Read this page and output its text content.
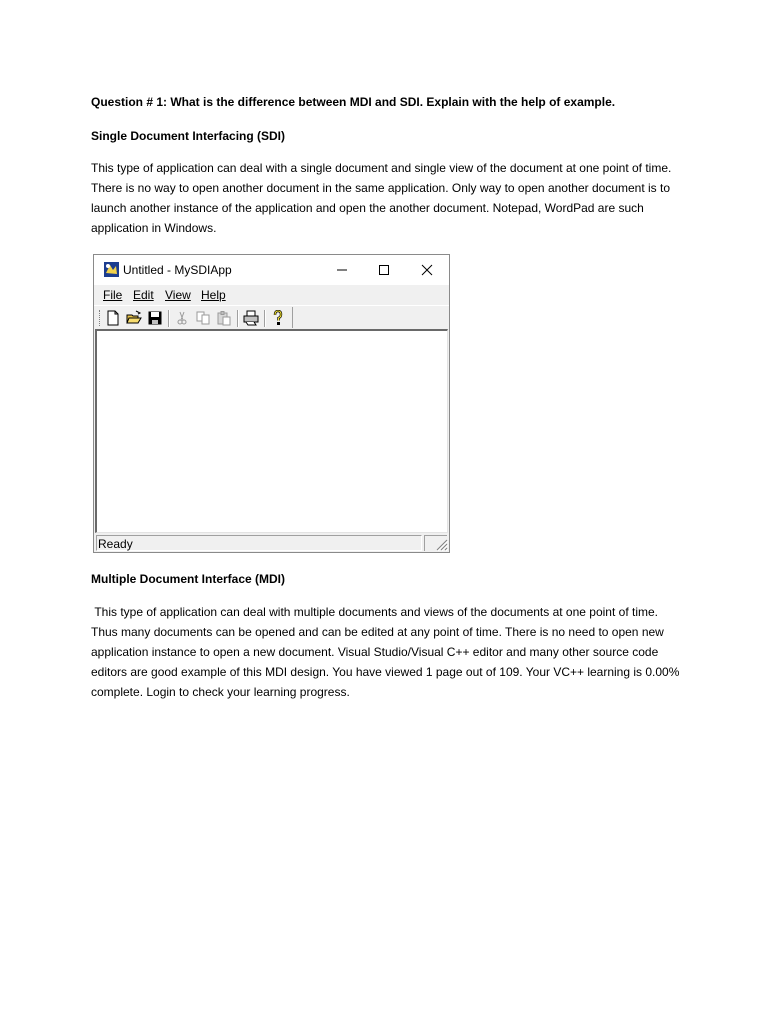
Question # 1: What is the difference between MDI and SDI. Explain with the help of example.

Single Document Interfacing (SDI)

This type of application can deal with a single document and single view of the document at one point of time. There is no way to open another document in the same application. Only way to open another document is to launch another instance of the application and open the another document. Notepad, WordPad are such application in Windows.

Multiple Document Interface (MDI)

This type of application can deal with multiple documents and views of the documents at one point of time. Thus many documents can be opened and can be edited at any point of time. There is no need to open new application instance to open a new document. Visual Studio/Visual C++ editor and many other source code editors are good example of this MDI design. You have viewed 1 page out of 109. Your VC++ learning is 0.00% complete. Login to check your learning progress.

Untitled - MySDIApp
File Edit View Help
Ready
